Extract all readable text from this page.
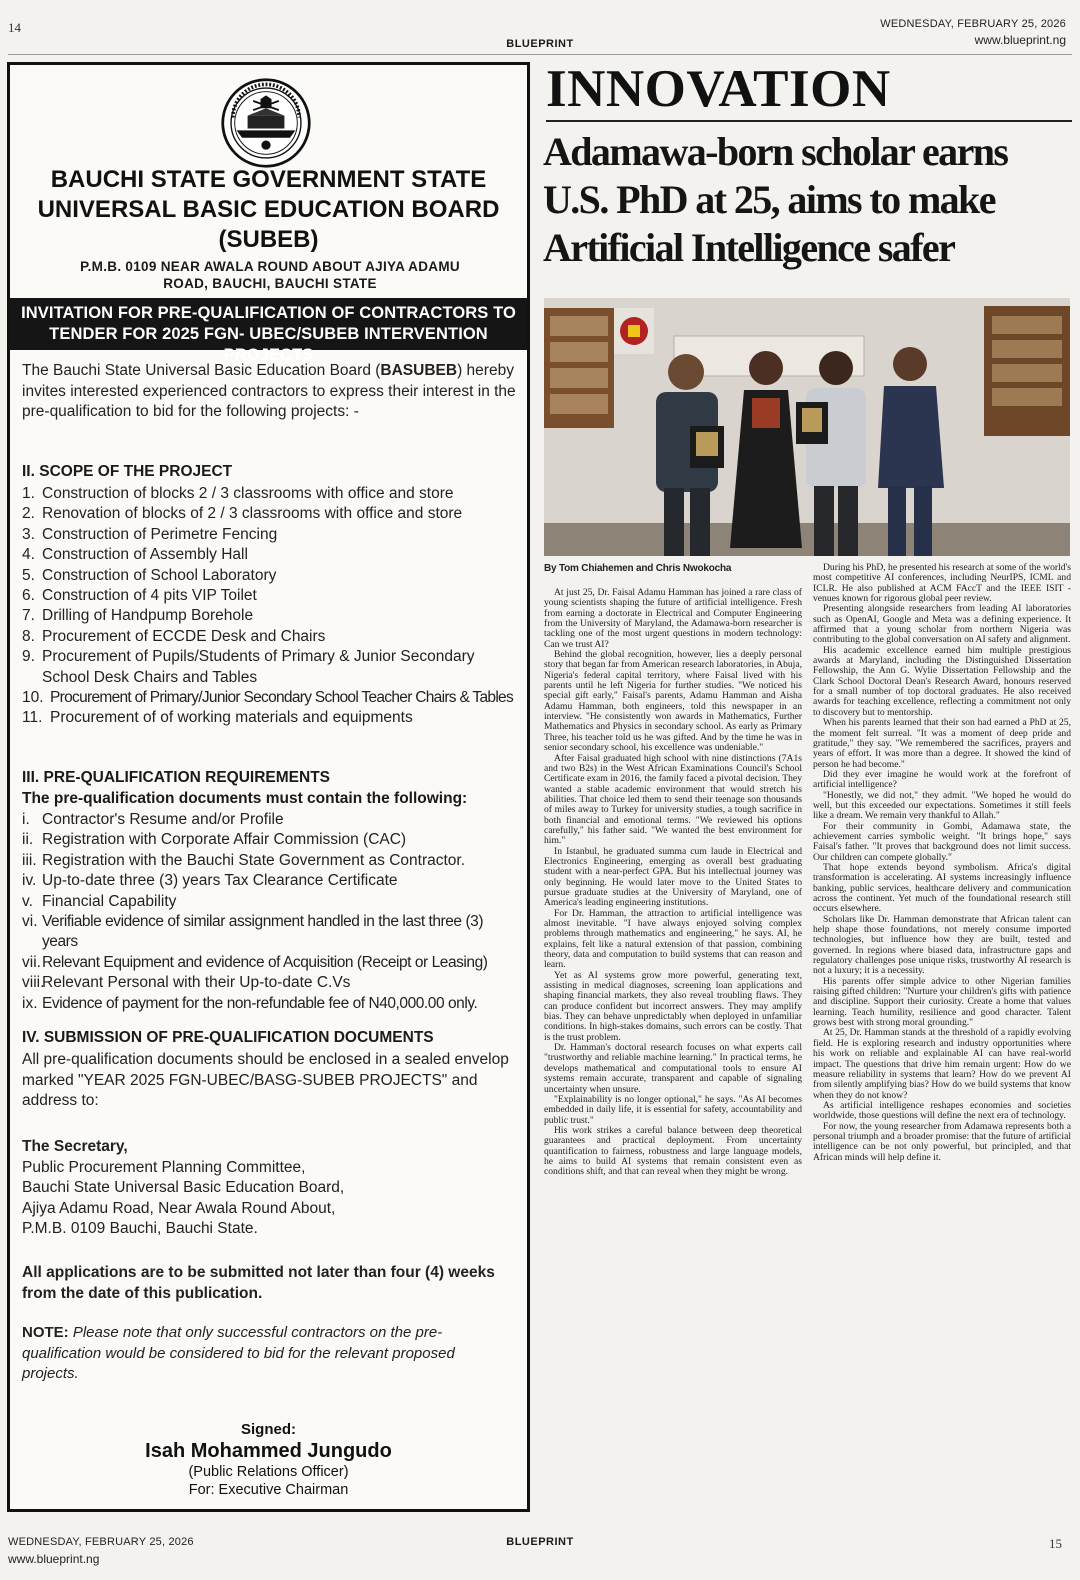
14
BLUEPRINT
WEDNESDAY, FEBRUARY 25, 2026
www.blueprint.ng
BAUCHI STATE GOVERNMENT STATE
UNIVERSAL BASIC EDUCATION BOARD
(SUBEB)
P.M.B. 0109 NEAR AWALA ROUND ABOUT AJIYA ADAMU
ROAD, BAUCHI, BAUCHI STATE
INVITATION FOR PRE-QUALIFICATION OF CONTRACTORS TO
TENDER FOR 2025 FGN- UBEC/SUBEB INTERVENTION PROJECTS

The Bauchi State Universal Basic Education Board (BASUBEB) hereby invites interested experienced contractors to express their interest in the pre-qualification to bid for the following projects: -

II. SCOPE OF THE PROJECT
1. Construction of blocks 2 / 3 classrooms with office and store
2. Renovation of blocks of 2 / 3 classrooms with office and store
3. Construction of Perimetre Fencing
4. Construction of Assembly Hall
5. Construction of School Laboratory
6. Construction of 4 pits VIP Toilet
7. Drilling of Handpump Borehole
8. Procurement of ECCDE Desk and Chairs
9. Procurement of Pupils/Students of Primary & Junior Secondary School Desk Chairs and Tables
10. Procurement of Primary/Junior Secondary School Teacher Chairs & Tables
11. Procurement of of working materials and equipments
III. PRE-QUALIFICATION REQUIREMENTS
The pre-qualification documents must contain the following:
i. Contractor's Resume and/or Profile
ii. Registration with Corporate Affair Commission (CAC)
iii. Registration with the Bauchi State Government as Contractor.
iv. Up-to-date three (3) years Tax Clearance Certificate
v. Financial Capability
vi. Verifiable evidence of similar assignment handled in the last three (3) years
vii. Relevant Equipment and evidence of Acquisition (Receipt or Leasing)
viii.
Relevant Personal with their Up-to-date C.Vs
ix. Evidence of payment for the non-refundable fee of N40,000.00 only.
IV. SUBMISSION OF PRE-QUALIFICATION DOCUMENTS

All pre-qualification documents should be enclosed in a sealed envelop marked "YEAR 2025 FGN-UBEC/BASG-SUBEB PROJECTS" and address to:

The Secretary,
Public Procurement Planning Committee,
Bauchi State Universal Basic Education Board,
Ajiya Adamu Road, Near Awala Round About,
P.M.B. 0109 Bauchi, Bauchi State.

All applications are to be submitted not later than four (4) weeks from the date of this publication.

NOTE: Please note that only successful contractors on the pre-qualification would be considered to bid for the relevant proposed projects.

Signed:
Isah Mohammed Jungudo
(Public Relations Officer)
For: Executive Chairman
INNOVATION
Adamawa-born scholar earns
U.S. PhD at 25, aims to make
Artificial Intelligence safer
By Tom Chiahemen and Chris Nwokocha

At just 25, Dr. Faisal Adamu Hamman has joined a rare class of young scientists shaping the future of artificial intelligence. Fresh from earning a doctorate in Electrical and Computer Engineering from the University of Maryland, the Adamawa-born researcher is tackling one of the most urgent questions in modern technology: Can we trust AI?

Behind the global recognition, however, lies a deeply personal story that began far from American research laboratories, in Abuja, Nigeria's federal capital territory, where Faisal lived with his parents until he left Nigeria for further studies. "We noticed his special gift early," Faisal's parents, Adamu Hamman and Aisha Adamu Hamman, both engineers, told this newspaper in an interview. "He consistently won awards in Mathematics, Further Mathematics and Physics in secondary school. As early as Primary Three, his teacher told us he was gifted. And by the time he was in senior secondary school, his excellence was undeniable."

After Faisal graduated high school with nine distinctions (7A1s and two B2s) in the West African Examinations Council's School Certificate exam in 2016, the family faced a pivotal decision. They wanted a stable academic environment that would stretch his abilities. That choice led them to send their teenage son thousands of miles away to Turkey for university studies, a tough sacrifice in both financial and emotional terms. "We reviewed his options carefully," his father said. "We wanted the best environment for him."

In Istanbul, he graduated summa cum laude in Electrical and Electronics Engineering, emerging as overall best graduating student with a near-perfect GPA. But his intellectual journey was only beginning. He would later move to the United States to pursue graduate studies at the University of Maryland, one of America's leading engineering institutions.

For Dr. Hamman, the attraction to artificial intelligence was almost inevitable. "I have always enjoyed solving complex problems through mathematics and engineering," he says. AI, he explains, felt like a natural extension of that passion, combining theory, data and computation to build systems that can reason and learn.

Yet as AI systems grow more powerful, generating text, assisting in medical diagnoses, screening loan applications and shaping financial markets, they also reveal troubling flaws. They can produce confident but incorrect answers. They may amplify bias. They can behave unpredictably when deployed in unfamiliar conditions. In high-stakes domains, such errors can be costly. That is the trust problem.

Dr. Hamman's doctoral research focuses on what experts call "trustworthy and reliable machine learning." In practical terms, he develops mathematical and computational tools to ensure AI systems remain accurate, transparent and capable of signaling uncertainty when unsure.

"Explainability is no longer optional," he says. "As AI becomes embedded in daily life, it is essential for safety, accountability and public trust."

His work strikes a careful balance between deep theoretical guarantees and practical deployment. From uncertainty quantification to fairness, robustness and large language models, he aims to build AI systems that remain consistent even as conditions shift, and that can reveal when they might be wrong.

During his PhD, he presented his research at some of the world's most competitive AI conferences, including NeurIPS, ICML and ICLR. He also published at ACM FAccT and the IEEE ISIT - venues known for rigorous global peer review.

Presenting alongside researchers from leading AI laboratories such as OpenAI, Google and Meta was a defining experience. It affirmed that a young scholar from northern Nigeria was contributing to the global conversation on AI safety and alignment.

His academic excellence earned him multiple prestigious awards at Maryland, including the Distinguished Dissertation Fellowship, the Ann G. Wylie Dissertation Fellowship and the Clark School Doctoral Dean's Research Award, honours reserved for a small number of top doctoral graduates. He also received awards for teaching excellence, reflecting a commitment not only to discovery but to mentorship.

When his parents learned that their son had earned a PhD at 25, the moment felt surreal. "It was a moment of deep pride and gratitude," they say. "We remembered the sacrifices, prayers and years of effort. It was more than a degree. It showed the kind of person he had become."

Did they ever imagine he would work at the forefront of artificial intelligence?

"Honestly, we did not," they admit. "We hoped he would do well, but this exceeded our expectations. Sometimes it still feels like a dream. We remain very thankful to Allah."

For their community in Gombi, Adamawa state, the achievement carries symbolic weight. "It brings hope," says Faisal's father. "It proves that background does not limit success. Our children can compete globally."

That hope extends beyond symbolism. Africa's digital transformation is accelerating. AI systems increasingly influence banking, public services, healthcare delivery and communication across the continent. Yet much of the foundational research still occurs elsewhere.

Scholars like Dr. Hamman demonstrate that African talent can help shape those foundations, not merely consume imported technologies, but influence how they are built, tested and governed. In regions where biased data, infrastructure gaps and regulatory challenges pose unique risks, trustworthy AI research is not a luxury; it is a necessity.

His parents offer simple advice to other Nigerian families raising gifted children: "Nurture your children's gifts with patience and discipline. Support their curiosity. Create a home that values learning. Teach humility, resilience and good character. Talent grows best with strong moral grounding."

At 25, Dr. Hamman stands at the threshold of a rapidly evolving field. He is exploring research and industry opportunities where his work on reliable and explainable AI can have real-world impact. The questions that drive him remain urgent: How do we measure reliability in systems that learn? How do we prevent AI from silently amplifying bias? How do we build systems that know when they do not know?

As artificial intelligence reshapes economies and societies worldwide, those questions will define the next era of technology.

For now, the young researcher from Adamawa represents both a personal triumph and a broader promise: that the future of artificial intelligence can be not only powerful, but principled, and that African minds will help define it.

WEDNESDAY, FEBRUARY 25, 2026
www.blueprint.ng
BLUEPRINT	15
